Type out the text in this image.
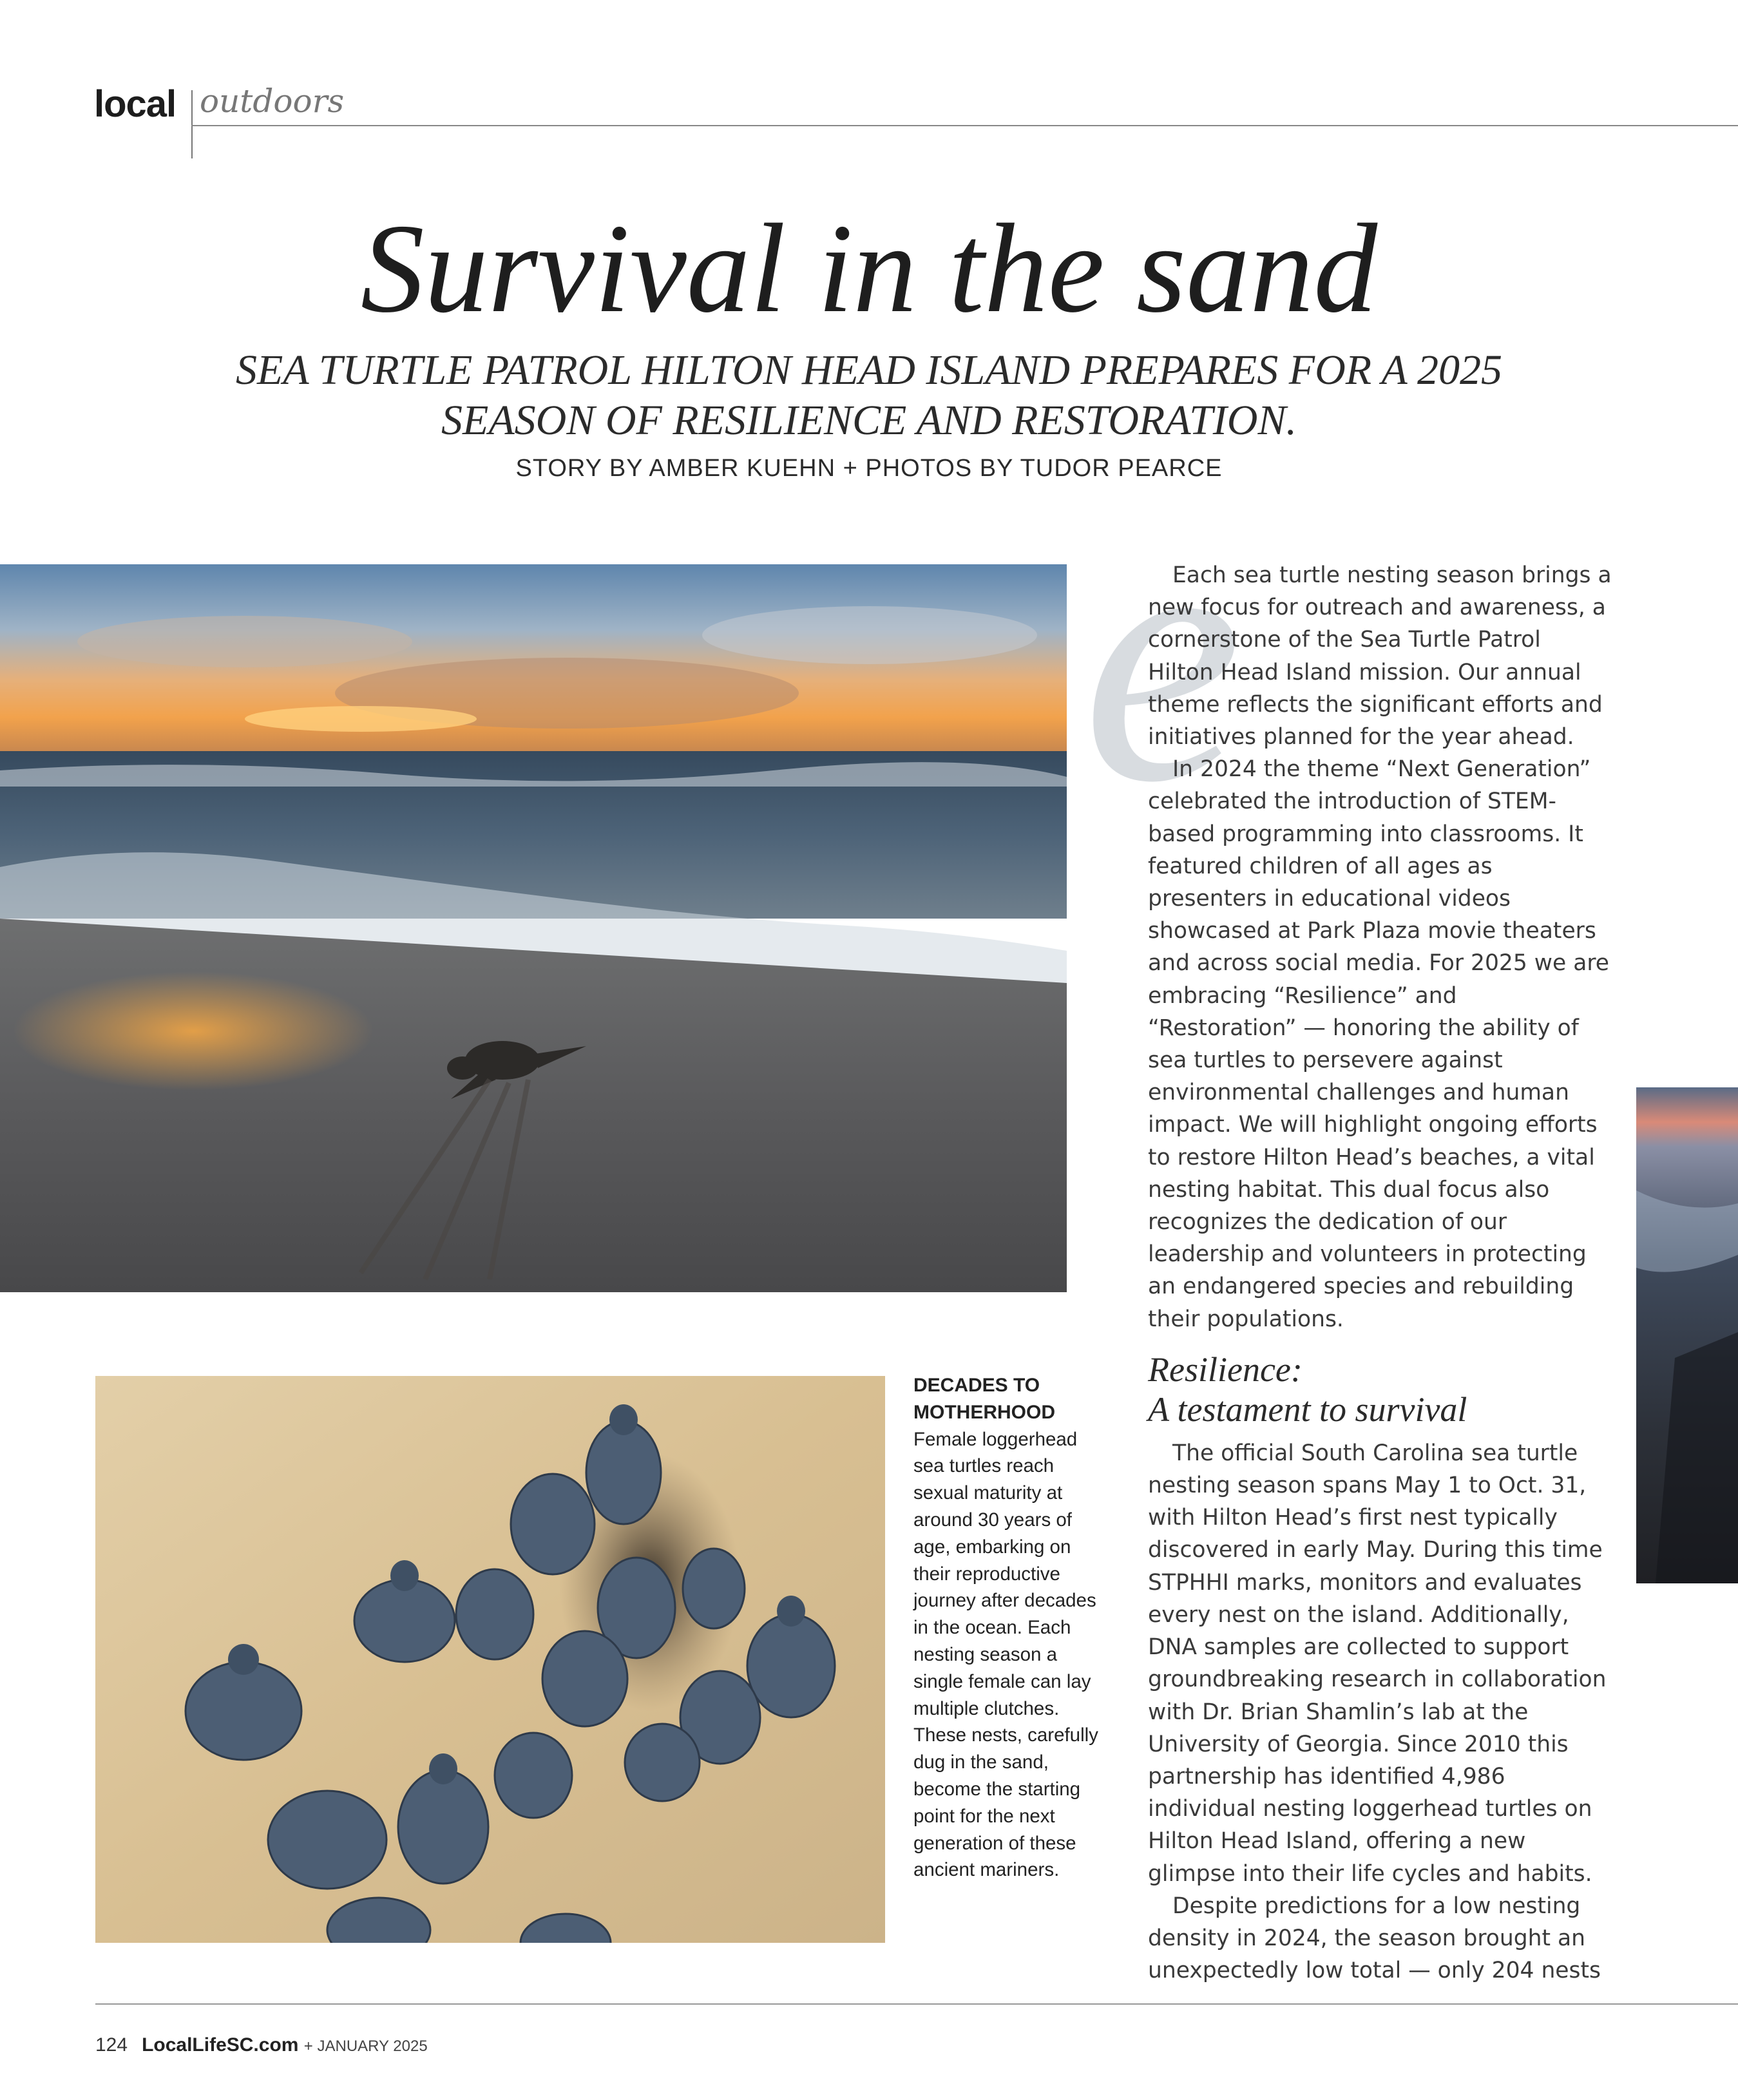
local outdoors
Survival in the sand
SEA TURTLE PATROL HILTON HEAD ISLAND PREPARES FOR A 2025 SEASON OF RESILIENCE AND RESTORATION.
STORY BY AMBER KUEHN + PHOTOS BY TUDOR PEARCE
e

Each sea turtle nesting season brings a new focus for outreach and awareness, a cornerstone of the Sea Turtle Patrol Hilton Head Island mission. Our annual theme reflects the significant efforts and initiatives planned for the year ahead.

In 2024 the theme “Next Generation” celebrated the introduction of STEM-based programming into classrooms. It featured children of all ages as presenters in educational videos showcased at Park Plaza movie theaters and across social media. For 2025 we are embracing “Resilience” and “Restoration” — honoring the ability of sea turtles to persevere against environmental challenges and human impact. We will highlight ongoing efforts to restore Hilton Head’s beaches, a vital nesting habitat. This dual focus also recognizes the dedication of our leadership and volunteers in protecting an endangered species and rebuilding their populations.

Resilience:
A testament to survival

The official South Carolina sea turtle nesting season spans May 1 to Oct. 31, with Hilton Head’s first nest typically discovered in early May. During this time STPHHI marks, monitors and evaluates every nest on the island. Additionally, DNA samples are collected to support groundbreaking research in collaboration with Dr. Brian Shamlin’s lab at the University of Georgia. Since 2010 this partnership has identified 4,986 individual nesting loggerhead turtles on Hilton Head Island, offering a new glimpse into their life cycles and habits.

Despite predictions for a low nesting density in 2024, the season brought an unexpectedly low total — only 204 nests

DECADES TO MOTHERHOOD
Female loggerhead sea turtles reach sexual maturity at around 30 years of age, embarking on their reproductive journey after decades in the ocean. Each nesting season a single female can lay multiple clutches. These nests, carefully dug in the sand, become the starting point for the next generation of these ancient mariners.
124 LocalLifeSC.com + JANUARY 2025
